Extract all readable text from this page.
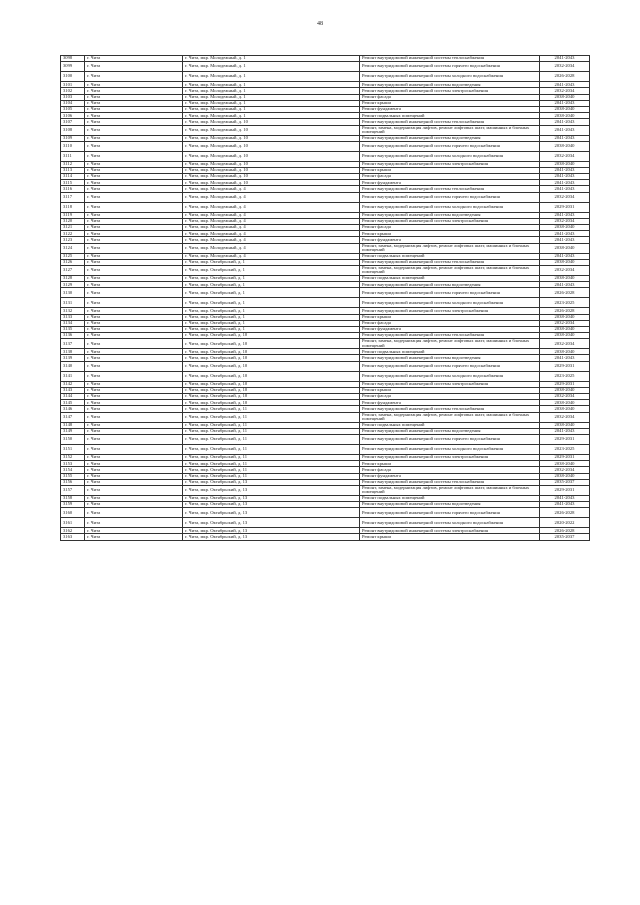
48
3098	г. Чита	г. Чита, мкр. Молодежный, д. 1	Ремонт внутридомовой инженерной системы теплоснабжения	2041-2043
3099	г. Чита	г. Чита, мкр. Молодежный, д. 1	Ремонт внутридомовой инженерной системы горячего водоснабжения	2032-2034
3100	г. Чита	г. Чита, мкр. Молодежный, д. 1	Ремонт внутридомовой инженерной системы холодного водоснабжения	2026-2028
3101	г. Чита	г. Чита, мкр. Молодежный, д. 1	Ремонт внутридомовой инженерной системы водоотведения	2041-2043
3102	г. Чита	г. Чита, мкр. Молодежный, д. 1	Ремонт внутридомовой инженерной системы электроснабжения	2032-2034
3103	г. Чита	г. Чита, мкр. Молодежный, д. 1	Ремонт фасада	2038-2040
3104	г. Чита	г. Чита, мкр. Молодежный, д. 1	Ремонт крыши	2041-2043
3105	г. Чита	г. Чита, мкр. Молодежный, д. 1	Ремонт фундамента	2038-2040
3106	г. Чита	г. Чита, мкр. Молодежный, д. 1	Ремонт подвальных помещений	2038-2040
3107	г. Чита	г. Чита, мкр. Молодежный, д. 10	Ремонт внутридомовой инженерной системы теплоснабжения	2041-2043
3108	г. Чита	г. Чита, мкр. Молодежный, д. 10	Ремонт, замена, модернизация лифтов, ремонт лифтовых шахт, машинных и блочных помещений	2041-2043
3109	г. Чита	г. Чита, мкр. Молодежный, д. 10	Ремонт внутридомовой инженерной системы водоотведения	2041-2043
3110	г. Чита	г. Чита, мкр. Молодежный, д. 10	Ремонт внутридомовой инженерной системы горячего водоснабжения	2038-2040
3111	г. Чита	г. Чита, мкр. Молодежный, д. 10	Ремонт внутридомовой инженерной системы холодного водоснабжения	2032-2034
3112	г. Чита	г. Чита, мкр. Молодежный, д. 10	Ремонт внутридомовой инженерной системы электроснабжения	2038-2040
3113	г. Чита	г. Чита, мкр. Молодежный, д. 10	Ремонт крыши	2041-2043
3114	г. Чита	г. Чита, мкр. Молодежный, д. 10	Ремонт фасада	2041-2043
3115	г. Чита	г. Чита, мкр. Молодежный, д. 10	Ремонт фундамента	2041-2043
3116	г. Чита	г. Чита, мкр. Молодежный, д. 4	Ремонт внутридомовой инженерной системы теплоснабжения	2041-2043
3117	г. Чита	г. Чита, мкр. Молодежный, д. 4	Ремонт внутридомовой инженерной системы горячего водоснабжения	2032-2034
3118	г. Чита	г. Чита, мкр. Молодежный, д. 4	Ремонт внутридомовой инженерной системы холодного водоснабжения	2029-2031
3119	г. Чита	г. Чита, мкр. Молодежный, д. 4	Ремонт внутридомовой инженерной системы водоотведения	2041-2043
3120	г. Чита	г. Чита, мкр. Молодежный, д. 4	Ремонт внутридомовой инженерной системы электроснабжения	2032-2034
3121	г. Чита	г. Чита, мкр. Молодежный, д. 4	Ремонт фасада	2038-2040
3122	г. Чита	г. Чита, мкр. Молодежный, д. 4	Ремонт крыши	2041-2043
3123	г. Чита	г. Чита, мкр. Молодежный, д. 4	Ремонт фундамента	2041-2043
3124	г. Чита	г. Чита, мкр. Молодежный, д. 4	Ремонт, замена, модернизация лифтов, ремонт лифтовых шахт, машинных и блочных помещений	2038-2040
3125	г. Чита	г. Чита, мкр. Молодежный, д. 4	Ремонт подвальных помещений	2041-2043
3126	г. Чита	г. Чита, мкр. Октябрьский, д. 1	Ремонт внутридомовой инженерной системы теплоснабжения	2038-2040
3127	г. Чита	г. Чита, мкр. Октябрьский, д. 1	Ремонт, замена, модернизация лифтов, ремонт лифтовых шахт, машинных и блочных помещений	2032-2034
3128	г. Чита	г. Чита, мкр. Октябрьский, д. 1	Ремонт подвальных помещений	2038-2040
3129	г. Чита	г. Чита, мкр. Октябрьский, д. 1	Ремонт внутридомовой инженерной системы водоотведения	2041-2043
3130	г. Чита	г. Чита, мкр. Октябрьский, д. 1	Ремонт внутридомовой инженерной системы горячего водоснабжения	2026-2028
3131	г. Чита	г. Чита, мкр. Октябрьский, д. 1	Ремонт внутридомовой инженерной системы холодного водоснабжения	2023-2025
3132	г. Чита	г. Чита, мкр. Октябрьский, д. 1	Ремонт внутридомовой инженерной системы электроснабжения	2026-2028
3133	г. Чита	г. Чита, мкр. Октябрьский, д. 1	Ремонт крыши	2038-2040
3134	г. Чита	г. Чита, мкр. Октябрьский, д. 1	Ремонт фасада	2032-2034
3135	г. Чита	г. Чита, мкр. Октябрьский, д. 1	Ремонт фундамента	2038-2040
3136	г. Чита	г. Чита, мкр. Октябрьский, д. 10	Ремонт внутридомовой инженерной системы теплоснабжения	2038-2040
3137	г. Чита	г. Чита, мкр. Октябрьский, д. 10	Ремонт, замена, модернизация лифтов, ремонт лифтовых шахт, машинных и блочных помещений	2032-2034
3138	г. Чита	г. Чита, мкр. Октябрьский, д. 10	Ремонт подвальных помещений	2038-2040
3139	г. Чита	г. Чита, мкр. Октябрьский, д. 10	Ремонт внутридомовой инженерной системы водоотведения	2041-2043
3140	г. Чита	г. Чита, мкр. Октябрьский, д. 10	Ремонт внутридомовой инженерной системы горячего водоснабжения	2029-2031
3141	г. Чита	г. Чита, мкр. Октябрьский, д. 10	Ремонт внутридомовой инженерной системы холодного водоснабжения	2023-2025
3142	г. Чита	г. Чита, мкр. Октябрьский, д. 10	Ремонт внутридомовой инженерной системы электроснабжения	2029-2031
3143	г. Чита	г. Чита, мкр. Октябрьский, д. 10	Ремонт крыши	2038-2040
3144	г. Чита	г. Чита, мкр. Октябрьский, д. 10	Ремонт фасада	2032-2034
3145	г. Чита	г. Чита, мкр. Октябрьский, д. 10	Ремонт фундамента	2038-2040
3146	г. Чита	г. Чита, мкр. Октябрьский, д. 11	Ремонт внутридомовой инженерной системы теплоснабжения	2038-2040
3147	г. Чита	г. Чита, мкр. Октябрьский, д. 11	Ремонт, замена, модернизация лифтов, ремонт лифтовых шахт, машинных и блочных помещений	2032-2034
3148	г. Чита	г. Чита, мкр. Октябрьский, д. 11	Ремонт подвальных помещений	2038-2040
3149	г. Чита	г. Чита, мкр. Октябрьский, д. 11	Ремонт внутридомовой инженерной системы водоотведения	2041-2043
3150	г. Чита	г. Чита, мкр. Октябрьский, д. 11	Ремонт внутридомовой инженерной системы горячего водоснабжения	2029-2031
3151	г. Чита	г. Чита, мкр. Октябрьский, д. 11	Ремонт внутридомовой инженерной системы холодного водоснабжения	2023-2025
3152	г. Чита	г. Чита, мкр. Октябрьский, д. 11	Ремонт внутридомовой инженерной системы электроснабжения	2029-2031
3153	г. Чита	г. Чита, мкр. Октябрьский, д. 11	Ремонт крыши	2038-2040
3154	г. Чита	г. Чита, мкр. Октябрьский, д. 11	Ремонт фасада	2032-2034
3155	г. Чита	г. Чита, мкр. Октябрьский, д. 11	Ремонт фундамента	2038-2040
3156	г. Чита	г. Чита, мкр. Октябрьский, д. 13	Ремонт внутридомовой инженерной системы теплоснабжения	2035-2037
3157	г. Чита	г. Чита, мкр. Октябрьский, д. 13	Ремонт, замена, модернизация лифтов, ремонт лифтовых шахт, машинных и блочных помещений	2029-2031
3158	г. Чита	г. Чита, мкр. Октябрьский, д. 13	Ремонт подвальных помещений	2041-2043
3159	г. Чита	г. Чита, мкр. Октябрьский, д. 13	Ремонт внутридомовой инженерной системы водоотведения	2041-2043
3160	г. Чита	г. Чита, мкр. Октябрьский, д. 13	Ремонт внутридомовой инженерной системы горячего водоснабжения	2026-2028
3161	г. Чита	г. Чита, мкр. Октябрьский, д. 13	Ремонт внутридомовой инженерной системы холодного водоснабжения	2020-2022
3162	г. Чита	г. Чита, мкр. Октябрьский, д. 13	Ремонт внутридомовой инженерной системы электроснабжения	2026-2028
3163	г. Чита	г. Чита, мкр. Октябрьский, д. 13	Ремонт крыши	2035-2037
